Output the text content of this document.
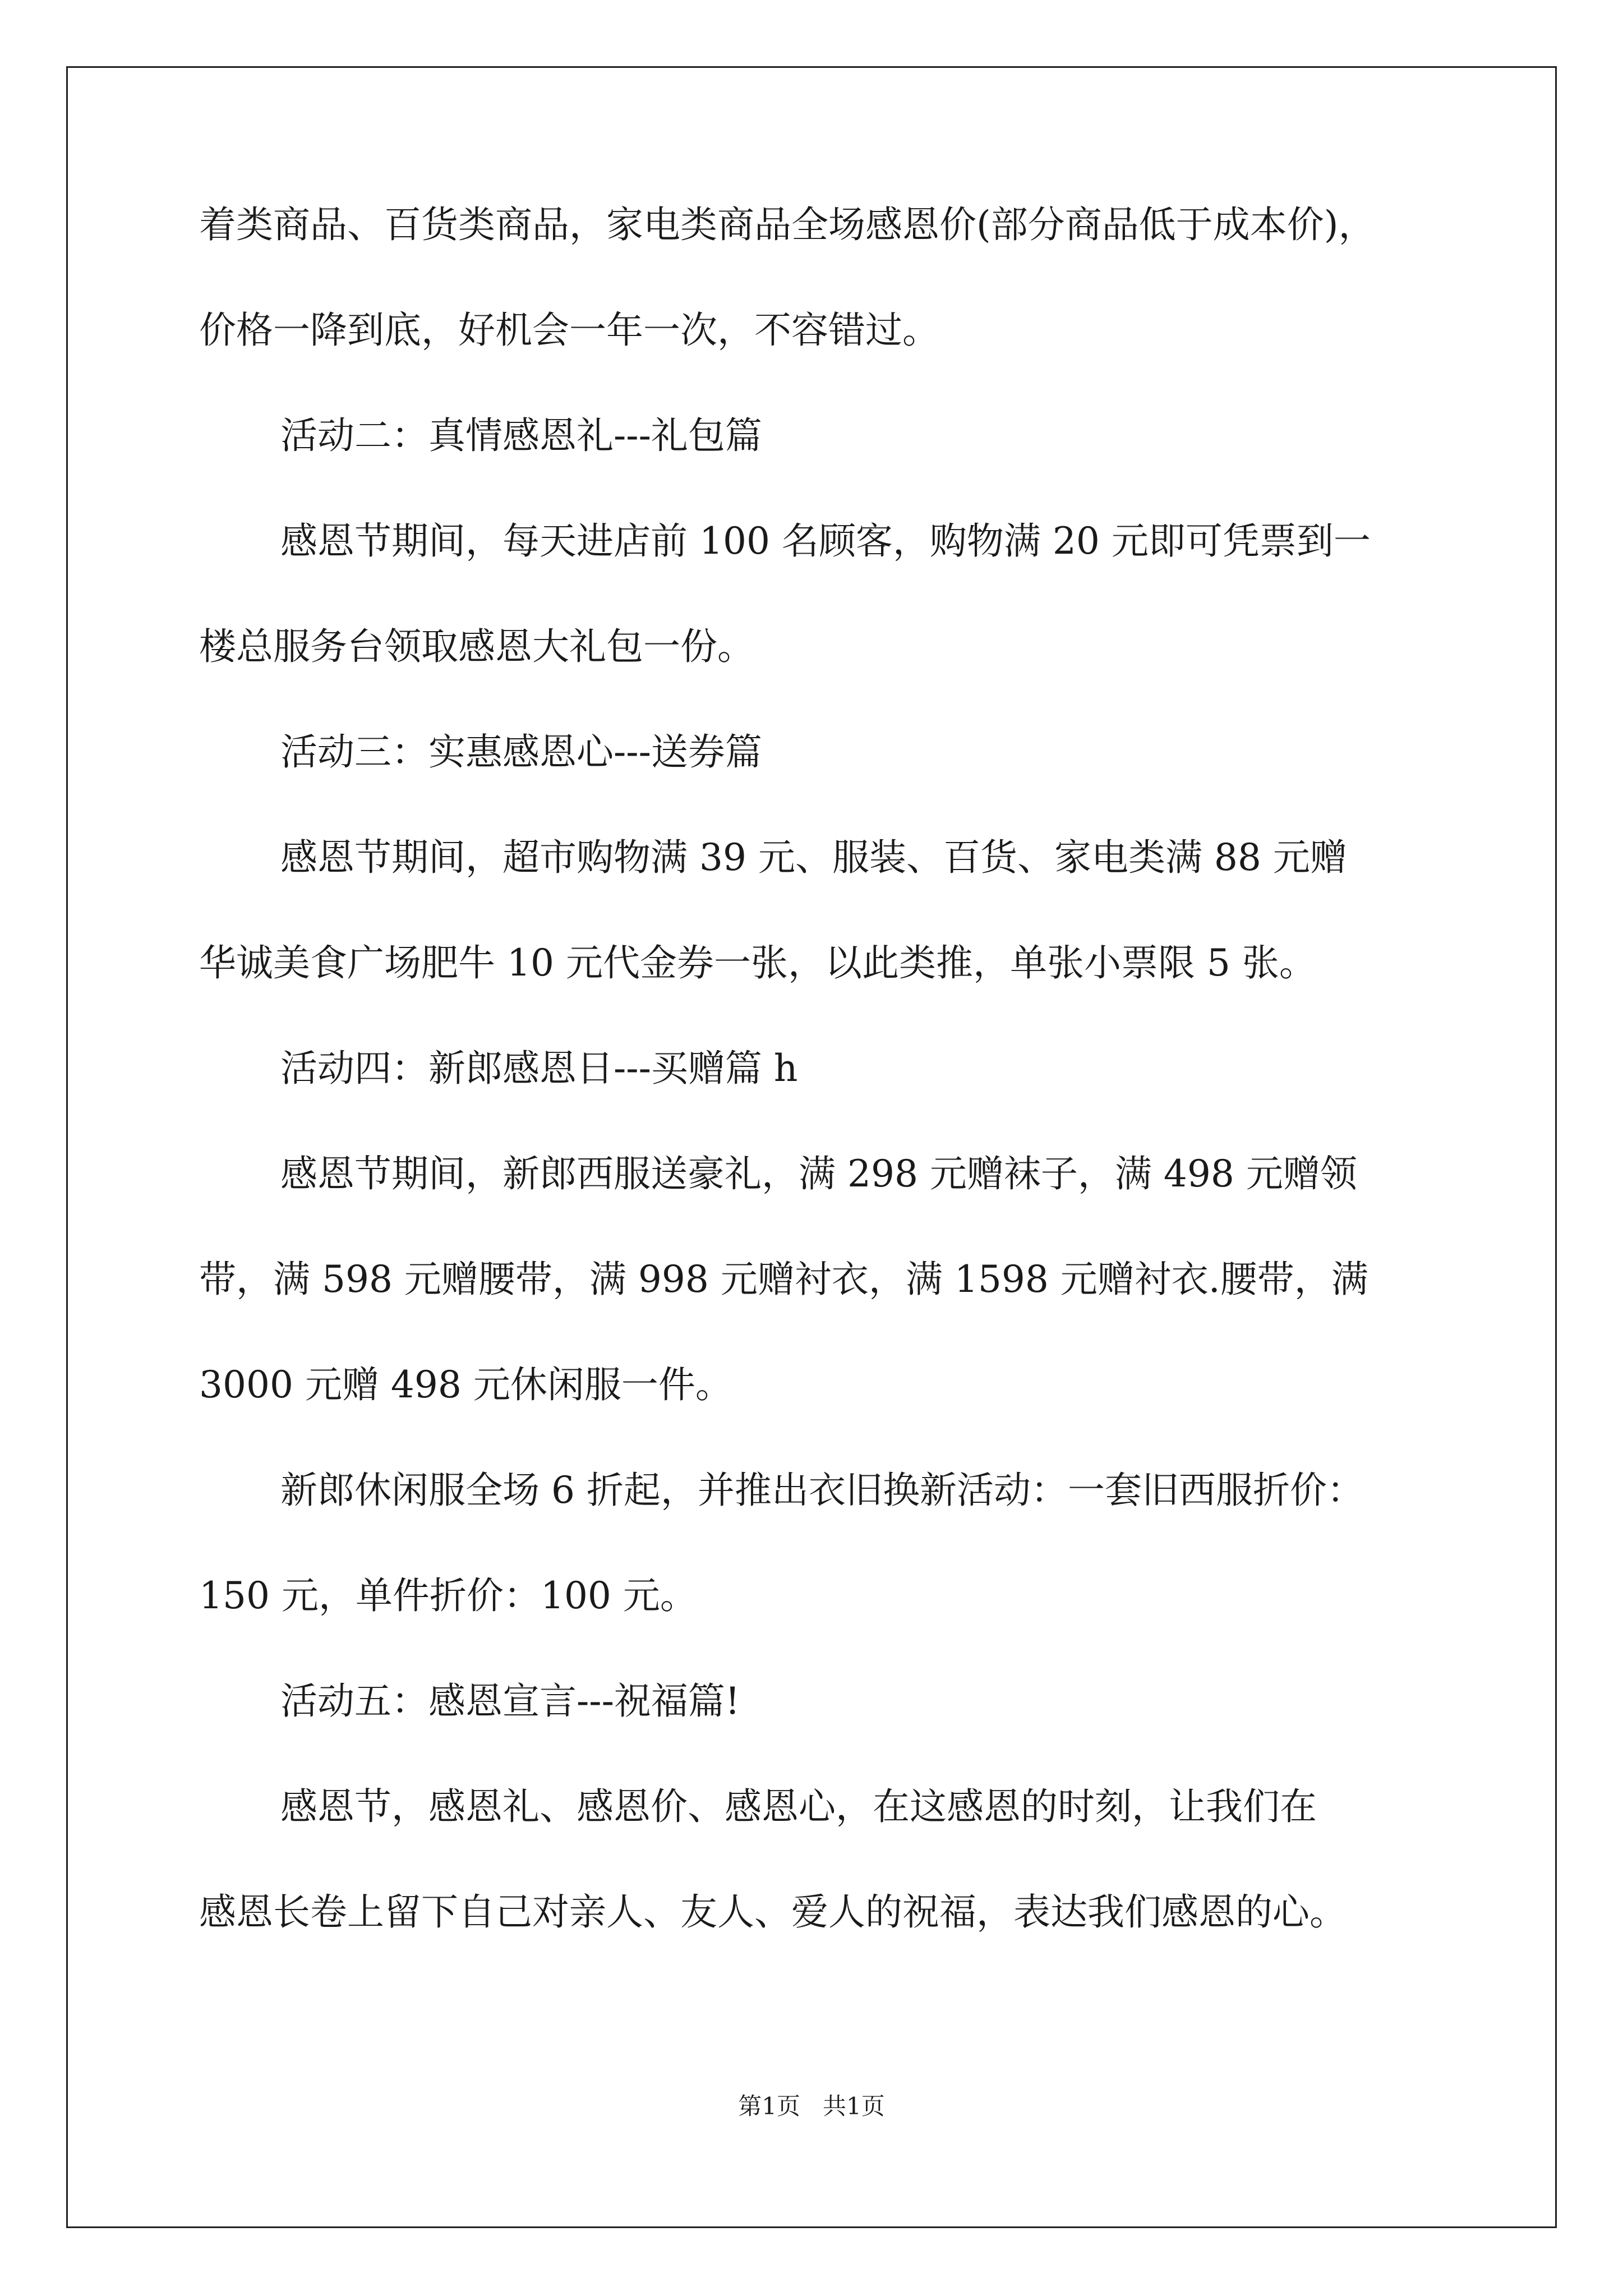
着类商品、百货类商品，家电类商品全场感恩价(部分商品低于成本价)，
价格一降到底，好机会一年一次，不容错过。
活动二：真情感恩礼---礼包篇
感恩节期间，每天进店前 100 名顾客，购物满 20 元即可凭票到一
楼总服务台领取感恩大礼包一份。
活动三：实惠感恩心---送券篇
感恩节期间，超市购物满 39 元、服装、百货、家电类满 88 元赠
华诚美食广场肥牛 10 元代金券一张，以此类推，单张小票限 5 张。
活动四：新郎感恩日---买赠篇 h
感恩节期间，新郎西服送豪礼，满 298 元赠袜子，满 498 元赠领
带，满 598 元赠腰带，满 998 元赠衬衣，满 1598 元赠衬衣.腰带，满
3000 元赠 498 元休闲服一件。
新郎休闲服全场 6 折起，并推出衣旧换新活动：一套旧西服折价：
150 元，单件折价：100 元。
活动五：感恩宣言---祝福篇!
感恩节，感恩礼、感恩价、感恩心，在这感恩的时刻，让我们在
感恩长卷上留下自己对亲人、友人、爱人的祝福，表达我们感恩的心。
第1页   共1页
